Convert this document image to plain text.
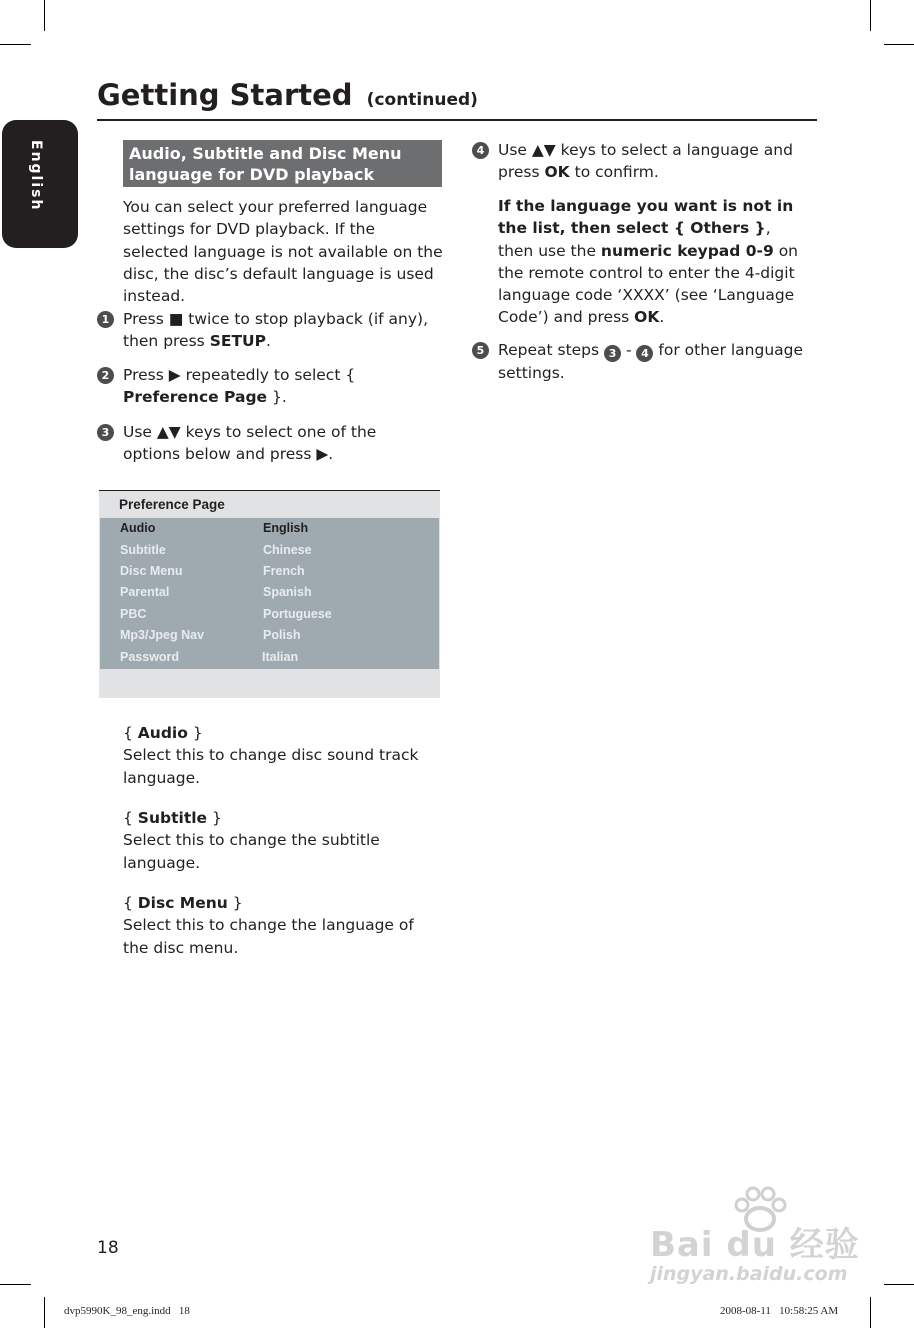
English
Getting Started (continued)
Audio, Subtitle and Disc Menu language for DVD playback
You can select your preferred language settings for DVD playback. If the selected language is not available on the disc, the disc’s default language is used instead.
1 Press ■ twice to stop playback (if any), then press SETUP.
2 Press ▶ repeatedly to select { Preference Page }.
3 Use ▲▼ keys to select one of the options below and press ▶.
Preference Page
Audio	English
Subtitle	Chinese
Disc Menu	French
Parental	Spanish
PBC	Portuguese
Mp3/Jpeg Nav	Polish
Password	Italian
{ Audio }
Select this to change disc sound track language.
{ Subtitle }
Select this to change the subtitle language.
{ Disc Menu }
Select this to change the language of the disc menu.
4 Use ▲▼ keys to select a language and press OK to confirm.
If the language you want is not in the list, then select { Others }, then use the numeric keypad 0-9 on the remote control to enter the 4-digit language code ‘XXXX’ (see ‘Language Code’) and press OK.
5 Repeat steps 3 - 4 for other language settings.
18
dvp5990K_98_eng.indd   18	2008-08-11   10:58:25 AM
Bai du 经验
jingyan.baidu.com
